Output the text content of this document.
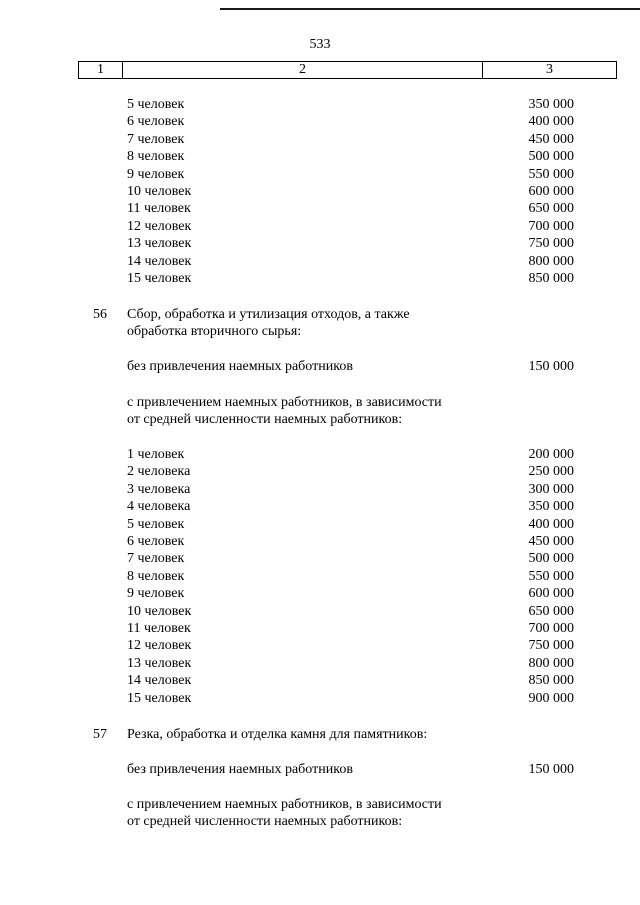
533
1	2	3
5 человек	350 000
6 человек	400 000
7 человек	450 000
8 человек	500 000
9 человек	550 000
10 человек	600 000
11 человек	650 000
12 человек	700 000
13 человек	750 000
14 человек	800 000
15 человек	850 000
56 Сбор, обработка и утилизация отходов, а также
обработка вторичного сырья:
без привлечения наемных работников	150 000
с привлечением наемных работников, в зависимости
от средней численности наемных работников:
1 человек	200 000
2 человека	250 000
3 человека	300 000
4 человека	350 000
5 человек	400 000
6 человек	450 000
7 человек	500 000
8 человек	550 000
9 человек	600 000
10 человек	650 000
11 человек	700 000
12 человек	750 000
13 человек	800 000
14 человек	850 000
15 человек	900 000
57 Резка, обработка и отделка камня для памятников:
без привлечения наемных работников	150 000
с привлечением наемных работников, в зависимости
от средней численности наемных работников:
